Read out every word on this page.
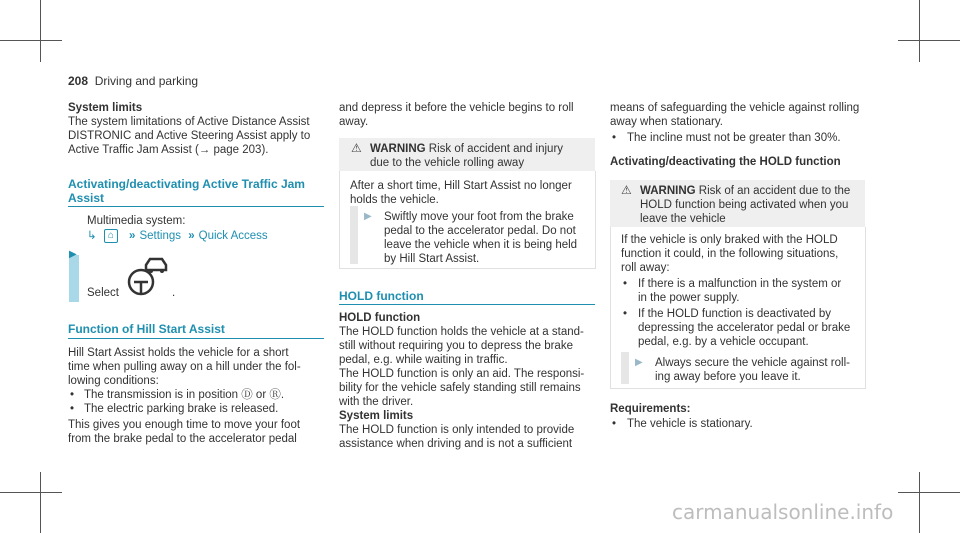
208 Driving and parking
System limits
The system limitations of Active Distance Assist
DISTRONIC and Active Steering Assist apply to
Active Traffic Jam Assist (→ page 203).
Activating/deactivating Active Traffic Jam
Assist
Multimedia system:
↳ ⌂ » Settings » Quick Access
▶
Select	.
Function of Hill Start Assist
Hill Start Assist holds the vehicle for a short
time when pulling away on a hill under the fol-
lowing conditions:
• The transmission is in position Ⓓ or Ⓡ.
• The electric parking brake is released.
This gives you enough time to move your foot
from the brake pedal to the accelerator pedal
and depress it before the vehicle begins to roll
away.
⚠ WARNING Risk of accident and injury
due to the vehicle rolling away
After a short time, Hill Start Assist no longer
holds the vehicle.
▶ Swiftly move your foot from the brake
pedal to the accelerator pedal. Do not
leave the vehicle when it is being held
by Hill Start Assist.
HOLD function
HOLD function
The HOLD function holds the vehicle at a stand-
still without requiring you to depress the brake
pedal, e.g. while waiting in traffic.
The HOLD function is only an aid. The responsi-
bility for the vehicle safely standing still remains
with the driver.
System limits
The HOLD function is only intended to provide
assistance when driving and is not a sufficient
means of safeguarding the vehicle against rolling
away when stationary.
• The incline must not be greater than 30%.
Activating/deactivating the HOLD function
⚠ WARNING Risk of an accident due to the
HOLD function being activated when you
leave the vehicle
If the vehicle is only braked with the HOLD
function it could, in the following situations,
roll away:
• If there is a malfunction in the system or
in the power supply.
• If the HOLD function is deactivated by
depressing the accelerator pedal or brake
pedal, e.g. by a vehicle occupant.
▶ Always secure the vehicle against roll-
ing away before you leave it.
Requirements:
• The vehicle is stationary.
carmanualsonline.info
